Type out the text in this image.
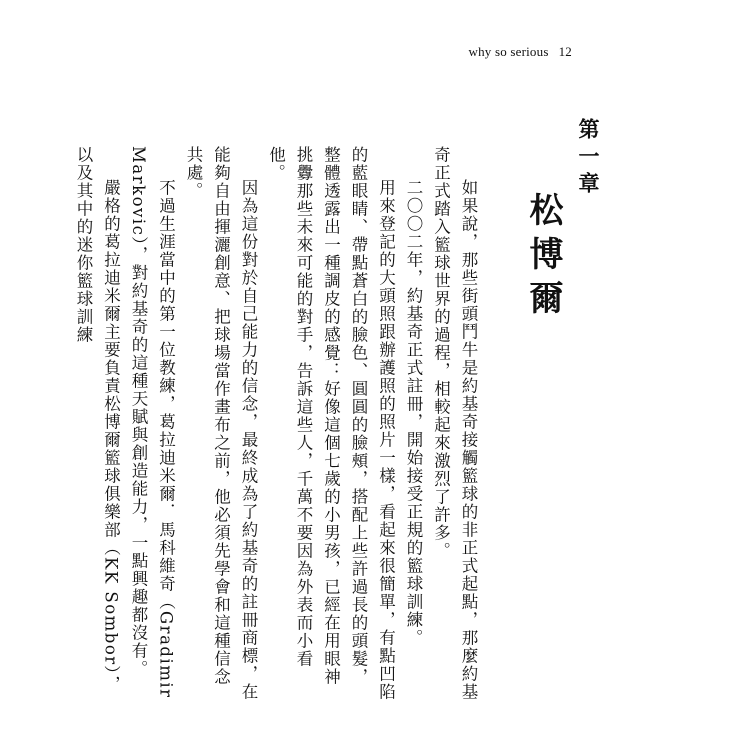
why so serious 12
第一章
松博爾

如果說，那些街頭鬥牛是約基奇接觸籃球的非正式起點，那麼約基奇正式踏入籃球世界的過程，相較起來激烈了許多。

二〇〇二年，約基奇正式註冊，開始接受正規的籃球訓練。

用來登記的大頭照跟辦護照的照片一樣，看起來很簡單，有點凹陷的藍眼睛、帶點蒼白的臉色、圓圓的臉頰，搭配上些許過長的頭髮，整體透露出一種調皮的感覺：好像這個七歲的小男孩，已經在用眼神挑釁那些未來可能的對手，告訴這些人，千萬不要因為外表而小看他。

因為這份對於自己能力的信念，最終成為了約基奇的註冊商標，在能夠自由揮灑創意、把球場當作畫布之前，他必須先學會和這種信念共處。

不過生涯當中的第一位教練，葛拉迪米爾．馬科維奇（Gradimir Markovic），對約基奇的這種天賦與創造能力，一點興趣都沒有。

嚴格的葛拉迪米爾主要負責松博爾籃球俱樂部（KK Sombor），以及其中的迷你籃球訓練
